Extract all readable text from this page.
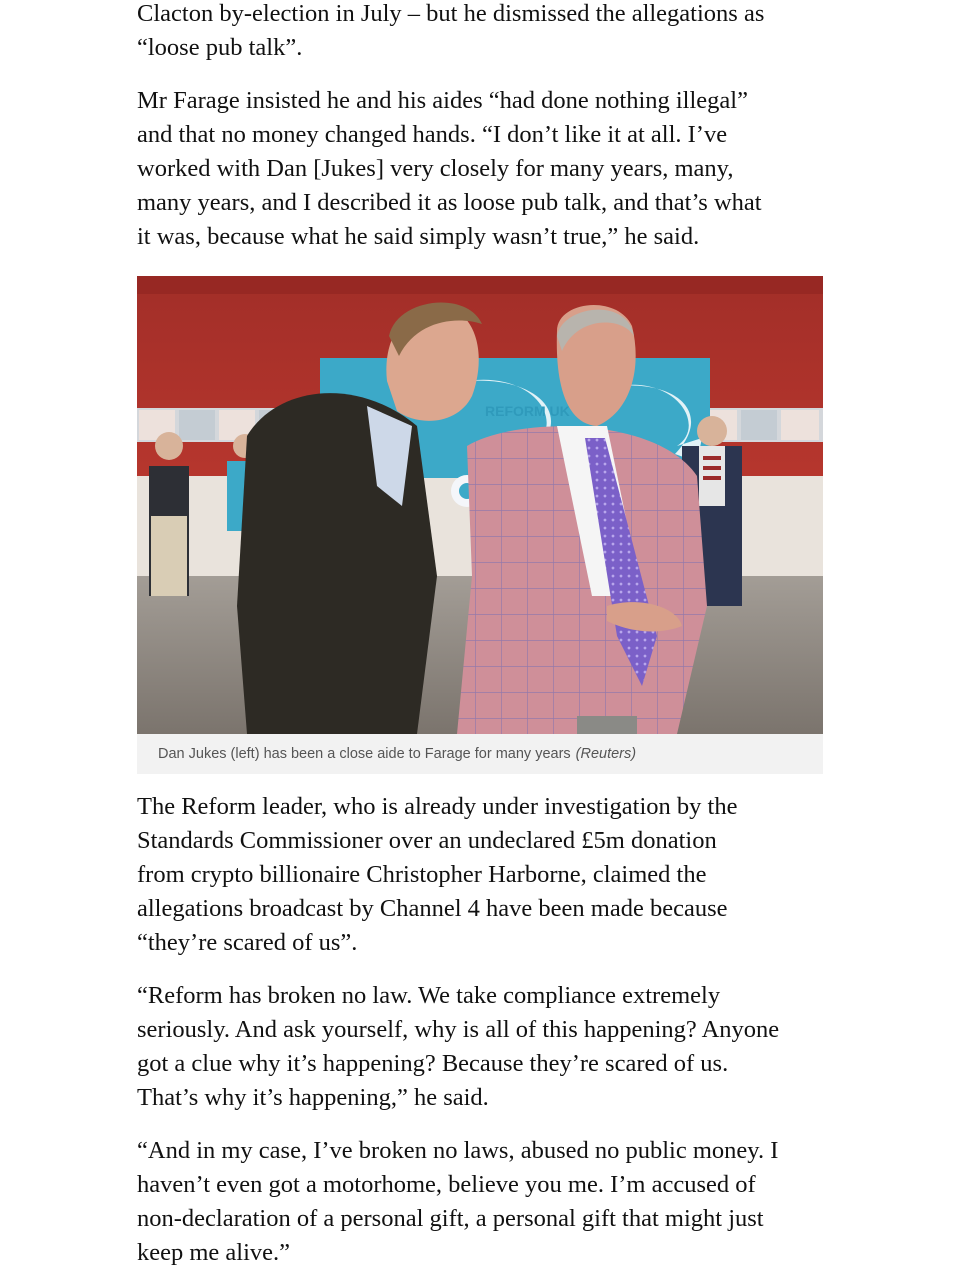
Clacton by-election in July – but he dismissed the allegations as
“loose pub talk”.

Mr Farage insisted he and his aides “had done nothing illegal”
and that no money changed hands. “I don’t like it at all. I’ve
worked with Dan [Jukes] very closely for many years, many,
many years, and I described it as loose pub talk, and that’s what
it was, because what he said simply wasn’t true,” he said.

REFORM UK
Dan Jukes (left) has been a close aide to Farage for many years (Reuters)

The Reform leader, who is already under investigation by the
Standards Commissioner over an undeclared £5m donation
from crypto billionaire Christopher Harborne, claimed the
allegations broadcast by Channel 4 have been made because
“they’re scared of us”.

“Reform has broken no law. We take compliance extremely
seriously. And ask yourself, why is all of this happening? Anyone
got a clue why it’s happening? Because they’re scared of us.
That’s why it’s happening,” he said.

“And in my case, I’ve broken no laws, abused no public money. I
haven’t even got a motorhome, believe you me. I’m accused of
non-declaration of a personal gift, a personal gift that might just
keep me alive.”
